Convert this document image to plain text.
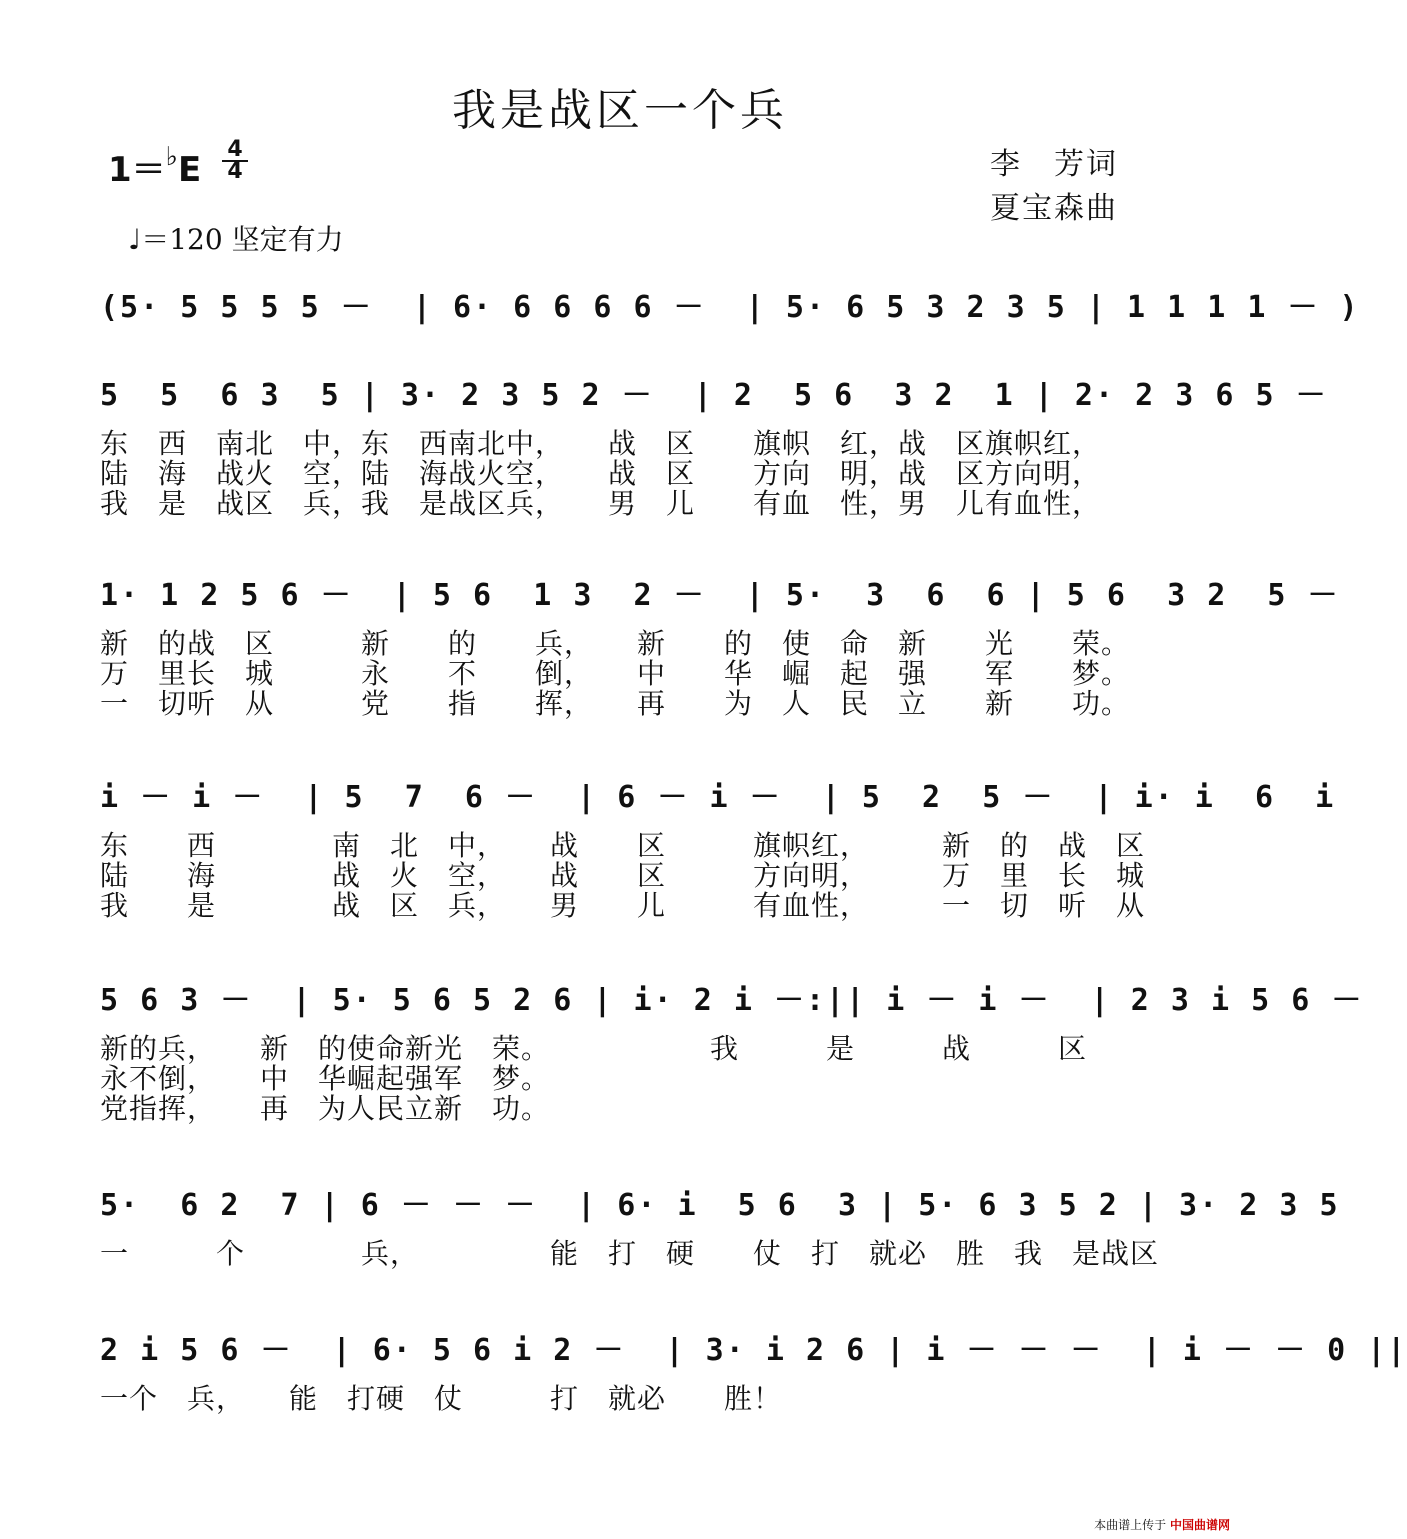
我是战区一个兵
1＝♭E
4
4	李　芳词
夏宝森曲
♩＝120 坚定有力
(5· 5 5 5 5 －  | 6· 6 6 6 6 －  | 5· 6 5 3 2 3 5 | 1 1 1 1 － )
5  5  6 3  5 | 3· 2 3 5 2 －  | 2  5 6  3 2  1 | 2· 2 3 6 5 －
东　西　南北　中，东　西南北中，　　战　区　　旗帜　红，战　区旗帜红，
陆　海　战火　空，陆　海战火空，　　战　区　　方向　明，战　区方向明，
我　是　战区　兵，我　是战区兵，　　男　儿　　有血　性，男　儿有血性，
1· 1 2 5 6 －  | 5 6  1 3  2 －  | 5·  3  6  6 | 5 6  3 2  5 －
新　的战　区　　　新　　的　　兵，　　新　　的　使　命　新　　光　　荣。
万　里长　城　　　永　　不　　倒，　　中　　华　崛　起　强　　军　　梦。
一　切听　从　　　党　　指　　挥，　　再　　为　人　民　立　　新　　功。
i － i －  | 5  7  6 －  | 6 － i －  | 5  2  5 －  | i· i  6  i
东　　西　　　　南　北　中，　　战　　区　　　旗帜红，　　　新　的　战　区
陆　　海　　　　战　火　空，　　战　　区　　　方向明，　　　万　里　长　城
我　　是　　　　战　区　兵，　　男　　儿　　　有血性，　　　一　切　听　从
5 6 3 －  | 5· 5 6 5 2 6 | i· 2 i －:|| i － i －  | 2 3 i 5 6 －
新的兵，　　新　的使命新光　荣。　　　　　　我　　　是　　　战　　　区
永不倒，　　中　华崛起强军　梦。
党指挥，　　再　为人民立新　功。
5·  6 2  7 | 6 － － －  | 6· i  5 6  3 | 5· 6 3 5 2 | 3· 2 3 5
一　　　个　　　　兵，　　　　　能　打　硬　　仗　打　就必　胜　我　是战区
2 i 5 6 －  | 6· 5 6 i 2 －  | 3· i 2 6 | i － － －  | i － － 0 ||
一个　兵，　　能　打硬　仗　　　打　就必　　胜！
本曲谱上传于 中国曲谱网
